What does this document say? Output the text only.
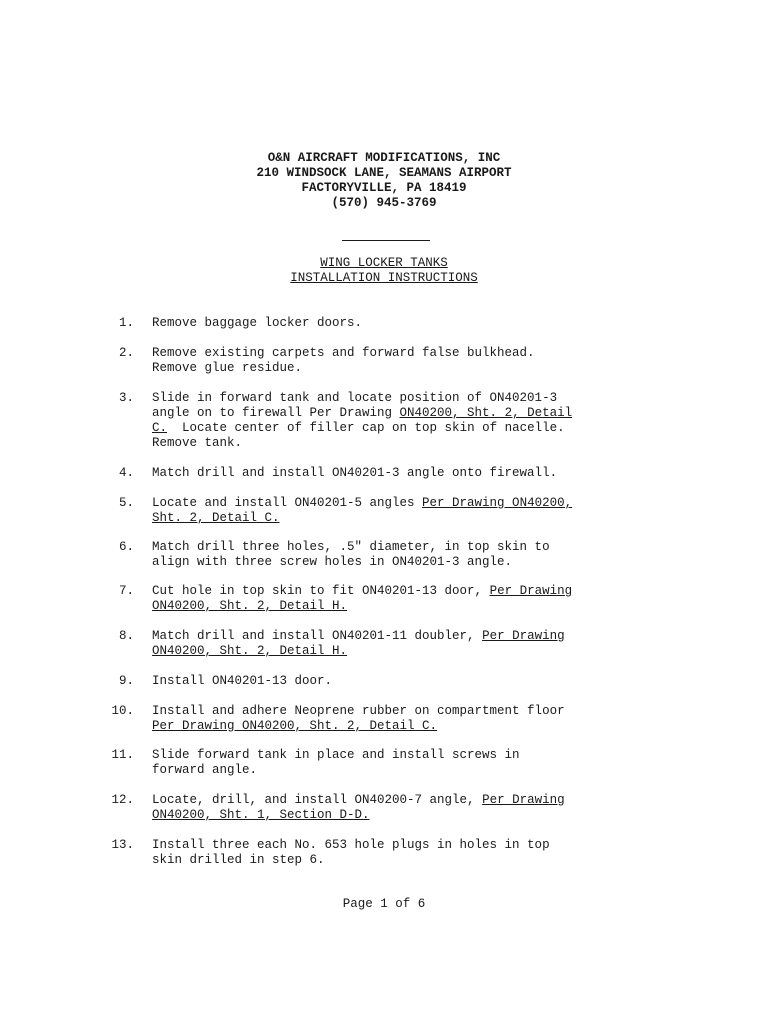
O&N AIRCRAFT MODIFICATIONS, INC
210 WINDSOCK LANE, SEAMANS AIRPORT
FACTORYVILLE, PA 18419
(570) 945-3769
WING LOCKER TANKS
INSTALLATION INSTRUCTIONS
1. Remove baggage locker doors.
2. Remove existing carpets and forward false bulkhead.
Remove glue residue.
3. Slide in forward tank and locate position of ON40201-3
angle on to firewall Per Drawing ON40200, Sht. 2, Detail
C.  Locate center of filler cap on top skin of nacelle.
Remove tank.
4. Match drill and install ON40201-3 angle onto firewall.
5. Locate and install ON40201-5 angles Per Drawing ON40200,
Sht. 2, Detail C.
6. Match drill three holes, .5" diameter, in top skin to
align with three screw holes in ON40201-3 angle.
7. Cut hole in top skin to fit ON40201-13 door, Per Drawing
ON40200, Sht. 2, Detail H.
8. Match drill and install ON40201-11 doubler, Per Drawing
ON40200, Sht. 2, Detail H.
9. Install ON40201-13 door.
10. Install and adhere Neoprene rubber on compartment floor
Per Drawing ON40200, Sht. 2, Detail C.
11. Slide forward tank in place and install screws in
forward angle.
12. Locate, drill, and install ON40200-7 angle, Per Drawing
ON40200, Sht. 1, Section D-D.
13. Install three each No. 653 hole plugs in holes in top
skin drilled in step 6.
Page 1 of 6
